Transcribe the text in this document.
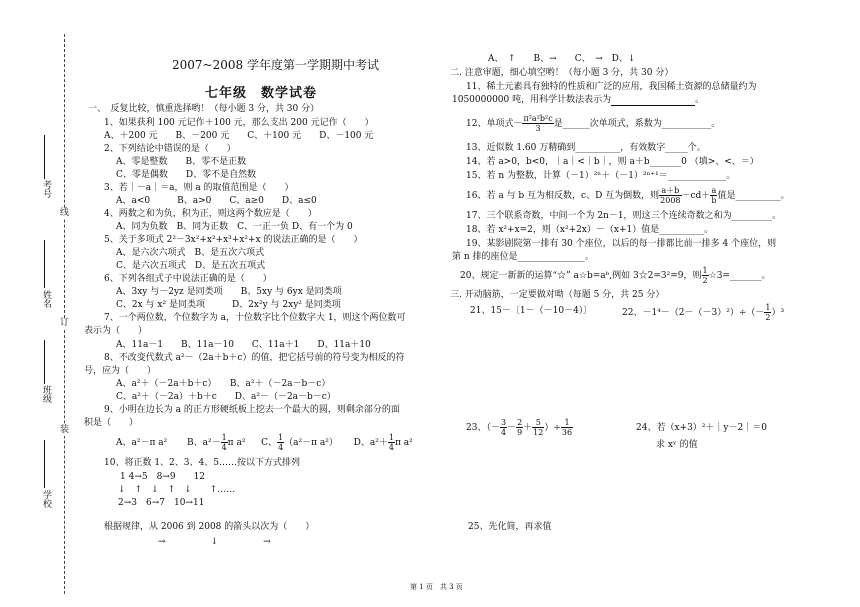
线
订
装
考号
姓名
班级
学校
2007~2008 学年度第一学期期中考试
七年级　数学试卷
一、　反复比较，慎重选择哟！（每小题 3 分，共 30 分）
1、如果获利 100 元记作＋100 元，那么支出 200 元记作（　　）
A、＋200 元　　B、－200 元　　C、＋100 元　　D、－100 元
2、下列结论中错误的是（　　）
A、零是整数　　B、零不是正数
C、零是偶数　　D、零不是自然数
3、若｜－a｜＝a，则 a 的取值范围是（　　）
A、a<0　　　B、a>0　　C、a≥0　　D、a≤0
4、两数之和为负，积为正，则这两个数应是（　　）
A、同为负数　B、同为正数　C、一正一负 D、有一个为 0
5、关于多项式 2²－3x²+x²+x³+x²+x 的说法正确的是（　　）
A、是六次六项式　B、是五次六项式
C、是六次五项式　D、是五次五项式
6、下列各组式子中说法正确的是（　　）
A、3xy 与－2yz 是同类项　　B、5xy 与 6yx 是同类项
C、2x 与 x² 是同类项　　　D、2x²y 与 2xy² 是同类项
7、一个两位数，个位数字为 a，十位数字比个位数字大 1，则这个两位数可
表示为（　　）
A、11a－1　　B、11a－10　　C、11a＋1　　D、11a＋10
8、不改变代数式 a²－（2a＋b＋c）的值，把它括号前的符号变为相反的符
号，应为（　　）
A、a²＋（－2a＋b＋c）　　B、a²＋（－2a－b－c）
C、a²＋（－2a）＋b＋c　　D、a²－（－2a－b－c）
9、小明在边长为 a 的正方形硬纸板上挖去一个最大的圆，则剩余部分的面
积是（　　）
A、a²－π a² B、$a^2- \frac{1}{4}$ π a² C、 $\frac{1}{4} (a^2-\pi$ a²） D、$a^2+ \frac{1}{4}$ π a²
10、将正数 1、2、3、4、5……按以下方式排列
1 4→5　8→9　　12
↓　↑　↓　↑　↓　　↑……
2→3　6→7　10→11
根据规律，从 2006 到 2008 的箭头以次为（　　）
→　　　　　↓　　　　　→
A、　↑　　B、→　　C、　→　D、↓
二. 注意审题，细心填空哟！（每小题 3 分，共 30 分）
11、稀土元素具有独特的性质和广泛的应用，我国稀土资源的总储量约为
1050000000 吨，用科学计数法表示为	。
12、单项式－ $\frac{\text{π²a²b²c}}{3}$ 是______次单项式，系数为___________。
13、近似数 1.60 万精确到__________，有效数字_____个。
14、若 a>0，b<0，｜a｜<｜b｜，则 a＋b_______0 （填>、<、＝）
15、若 n 为整数，计算（－1）²ⁿ＋（－1）²ⁿ⁺¹＝_____________。
16、若 a 与 b 互为相反数，c、D 互为倒数，则 $\frac{a+b}{2008} -cd+ \frac{a}{b}$ 值是__________。
17、三个联系奇数，中间一个为 2n－1，则这三个连续奇数之和为_________。
18、若 x²+x=2，则（x²+2x）－（x+1）值是__________。
19、某影剧院第一排有 30 个座位，以后的每一排都比前一排多 4 个座位，则
第 n 排的座位是_______________。
20、规定一新新的运算“☆” a☆b=aᵇ,例如 3☆2=3²=9，则 $\frac{1}{2}$ ☆3=_______。
三. 开动脑筋，一定要做对呦（每题 5 分，共 25 分）
21、15－〔1－（－10－4）〕	22、$-1^4-(2-(-3)^2)\div(- \frac{1}{2} )^3$
23、（－ $\frac{3}{4} - \frac{2}{9} + \frac{5}{12}$ ）÷ $\frac{1}{36}$	24、若（x+3）²＋｜y－2｜＝0
求 xʸ 的值
25、先化简，再求值
第 1 页　共 3 页
